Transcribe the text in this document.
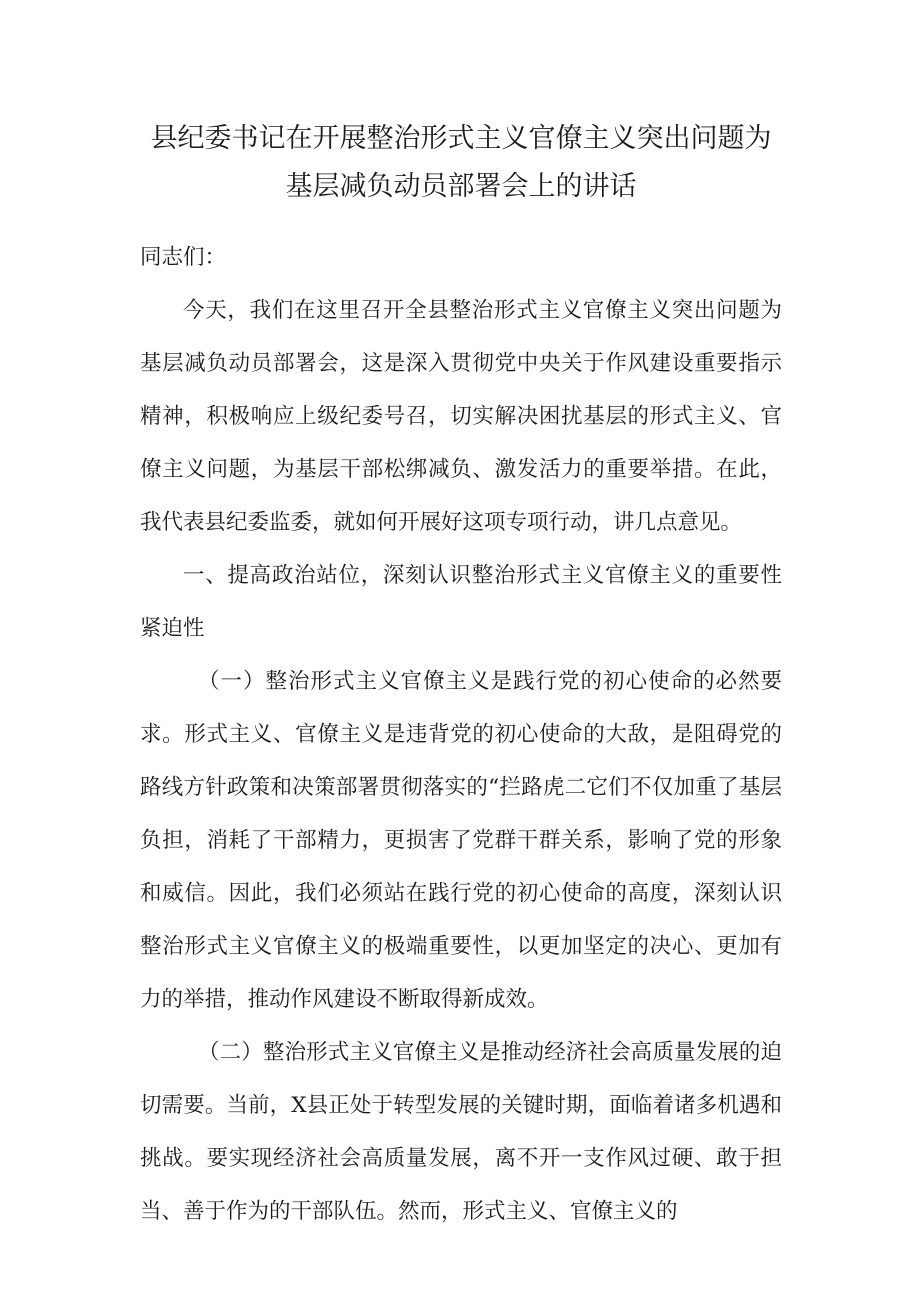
县纪委书记在开展整治形式主义官僚主义突出问题为
基层减负动员部署会上的讲话

同志们：

今天，我们在这里召开全县整治形式主义官僚主义突出问题为基层减负动员部署会，这是深入贯彻党中央关于作风建设重要指示精神，积极响应上级纪委号召，切实解决困扰基层的形式主义、官僚主义问题，为基层干部松绑减负、激发活力的重要举措。在此，我代表县纪委监委，就如何开展好这项专项行动，讲几点意见。

一、提高政治站位，深刻认识整治形式主义官僚主义的重要性紧迫性

（一）整治形式主义官僚主义是践行党的初心使命的必然要求。形式主义、官僚主义是违背党的初心使命的大敌，是阻碍党的路线方针政策和决策部署贯彻落实的“拦路虎二它们不仅加重了基层负担，消耗了干部精力，更损害了党群干群关系，影响了党的形象和威信。因此，我们必须站在践行党的初心使命的高度，深刻认识整治形式主义官僚主义的极端重要性，以更加坚定的决心、更加有力的举措，推动作风建设不断取得新成效。

（二）整治形式主义官僚主义是推动经济社会高质量发展的迫切需要。当前，X县正处于转型发展的关键时期，面临着诸多机遇和挑战。要实现经济社会高质量发展，离不开一支作风过硬、敢于担当、善于作为的干部队伍。然而，形式主义、官僚主义的
